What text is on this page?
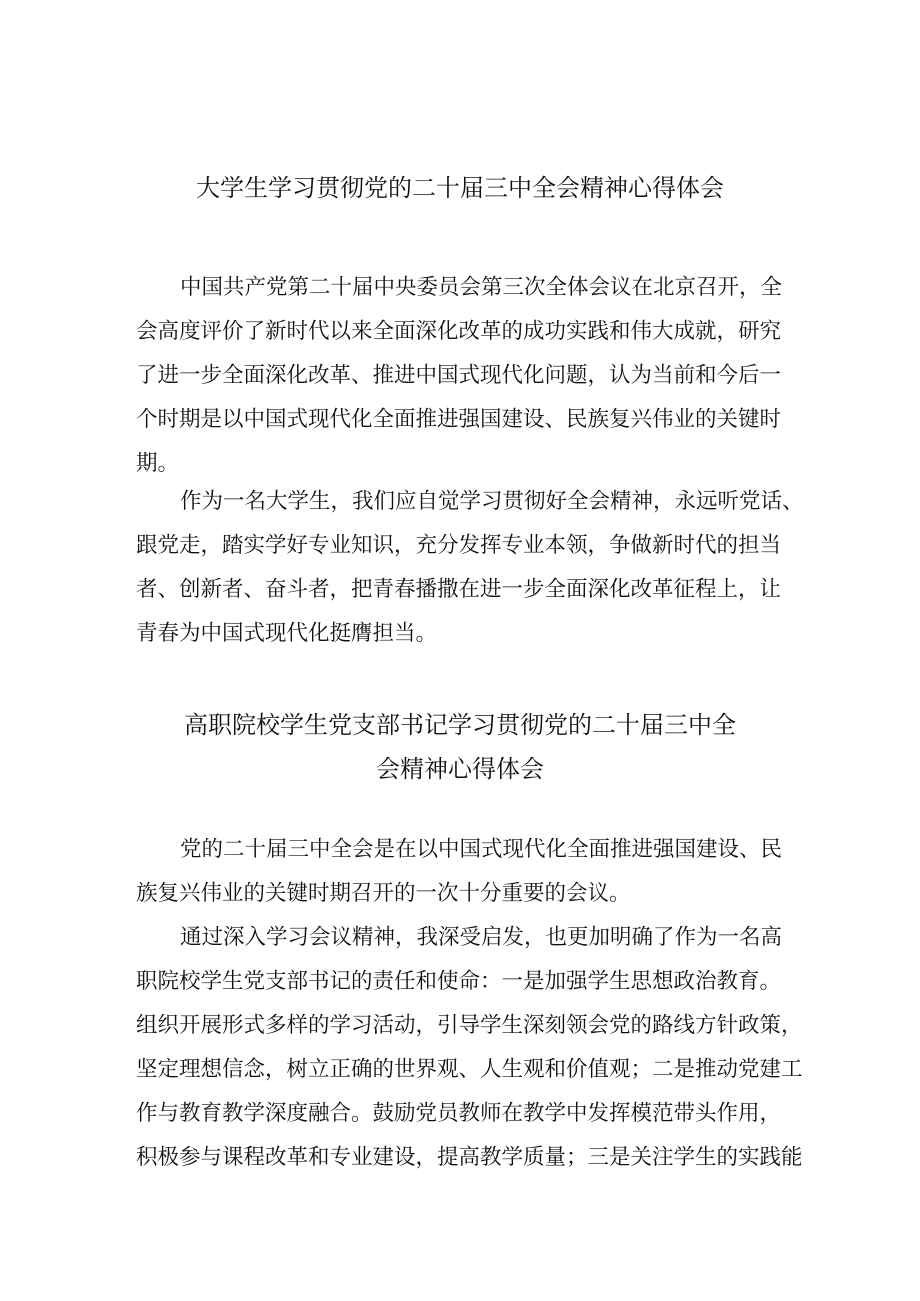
大学生学习贯彻党的二十届三中全会精神心得体会

中国共产党第二十届中央委员会第三次全体会议在北京召开，全
会高度评价了新时代以来全面深化改革的成功实践和伟大成就，研究
了进一步全面深化改革、推进中国式现代化问题，认为当前和今后一
个时期是以中国式现代化全面推进强国建设、民族复兴伟业的关键时
期。

作为一名大学生，我们应自觉学习贯彻好全会精神，永远听党话、
跟党走，踏实学好专业知识，充分发挥专业本领，争做新时代的担当
者、创新者、奋斗者，把青春播撒在进一步全面深化改革征程上，让
青春为中国式现代化挺膺担当。

高职院校学生党支部书记学习贯彻党的二十届三中全
会精神心得体会

党的二十届三中全会是在以中国式现代化全面推进强国建设、民
族复兴伟业的关键时期召开的一次十分重要的会议。

通过深入学习会议精神，我深受启发，也更加明确了作为一名高
职院校学生党支部书记的责任和使命：一是加强学生思想政治教育。
组织开展形式多样的学习活动，引导学生深刻领会党的路线方针政策，
坚定理想信念，树立正确的世界观、人生观和价值观；二是推动党建工
作与教育教学深度融合。鼓励党员教师在教学中发挥模范带头作用，
积极参与课程改革和专业建设，提高教学质量；三是关注学生的实践能
